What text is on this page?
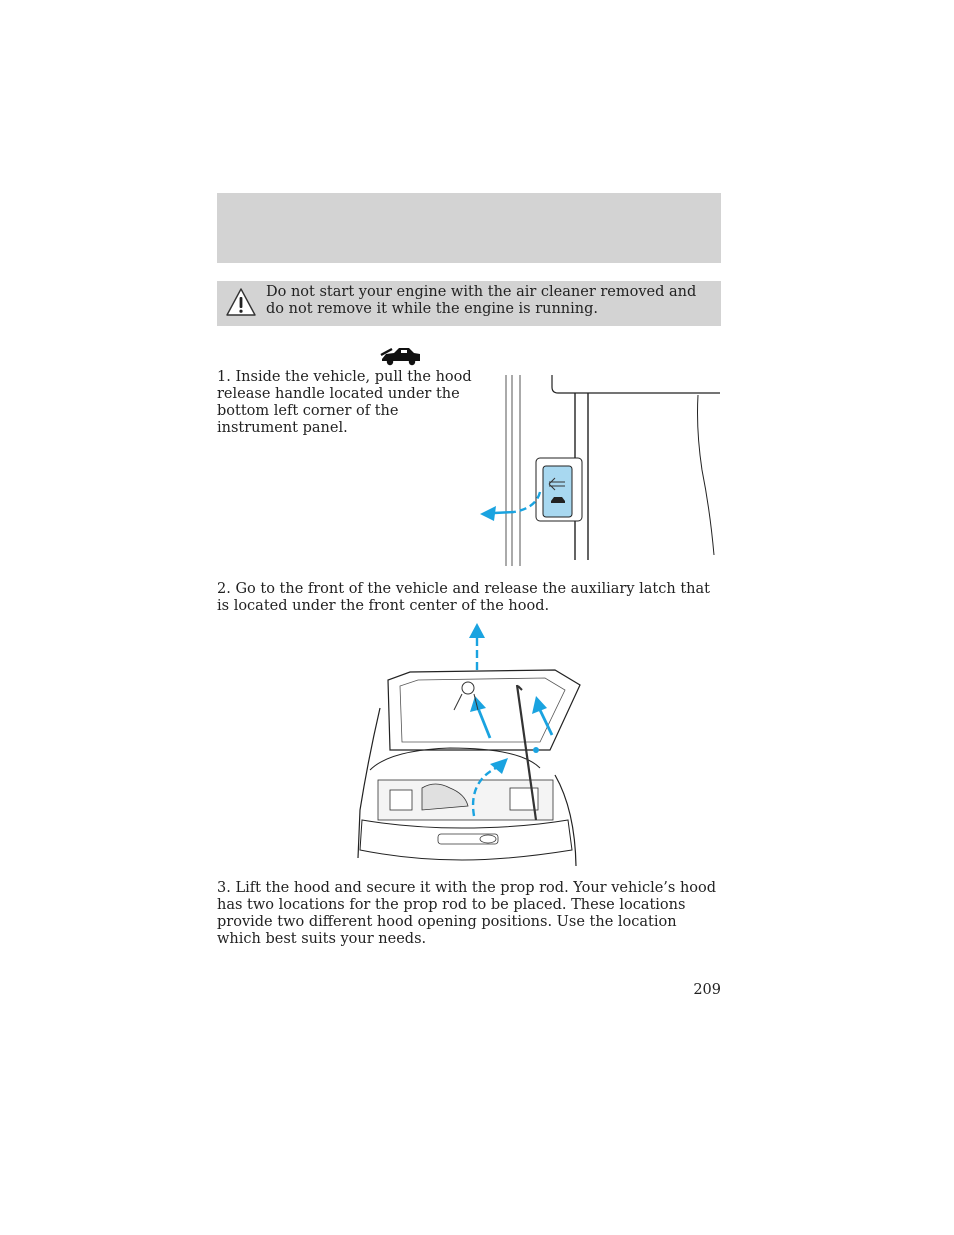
Do not start your engine with the air cleaner removed and do not remove it while the engine is running.
1. Inside the vehicle, pull the hood release handle located under the bottom left corner of the instrument panel.
2. Go to the front of the vehicle and release the auxiliary latch that is located under the front center of the hood.
3. Lift the hood and secure it with the prop rod. Your vehicle’s hood has two locations for the prop rod to be placed. These locations provide two different hood opening positions. Use the location which best suits your needs.
209
